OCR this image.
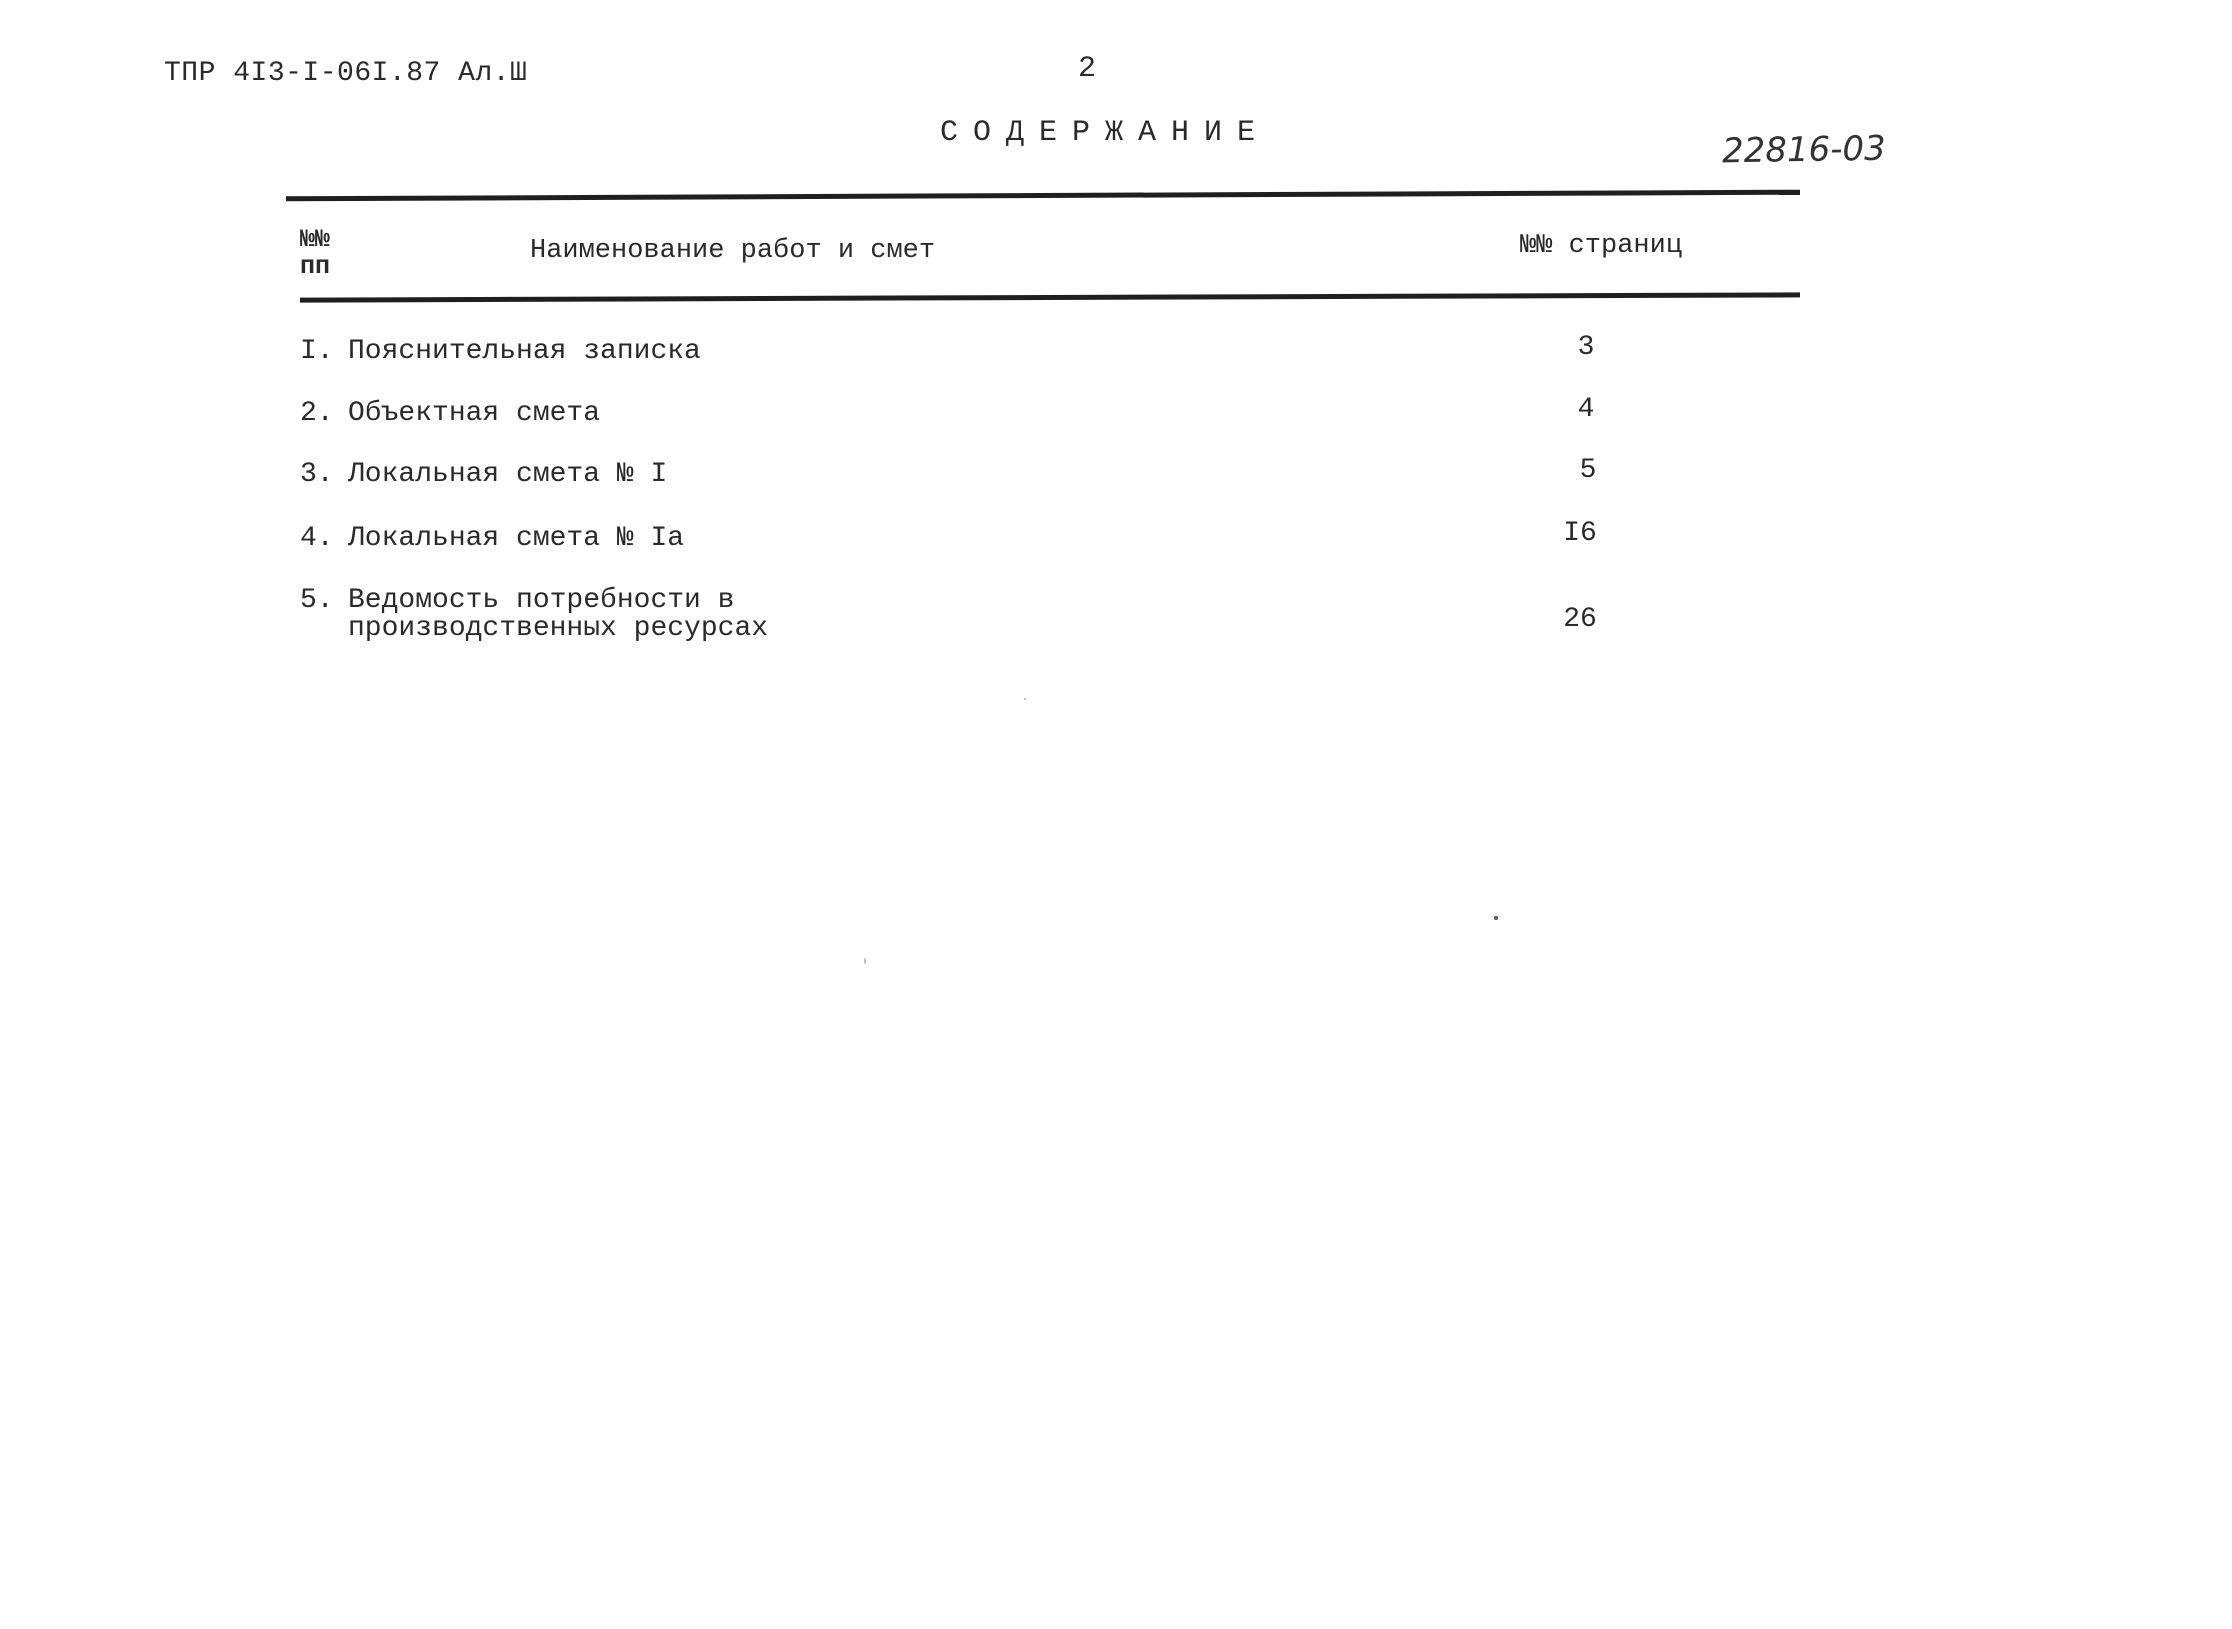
ТПР 4I3-I-06I.87 Ал.Ш	2
СОДЕРЖАНИЕ	22816-03
№№
пп
Наименование работ и смет	№№ страниц
I. Пояснительная записка	3
2. Объектная смета	4
3. Локальная смета № I	5
4. Локальная смета № Iа	I6
5. Ведомость потребности в
производственных ресурсах	26
